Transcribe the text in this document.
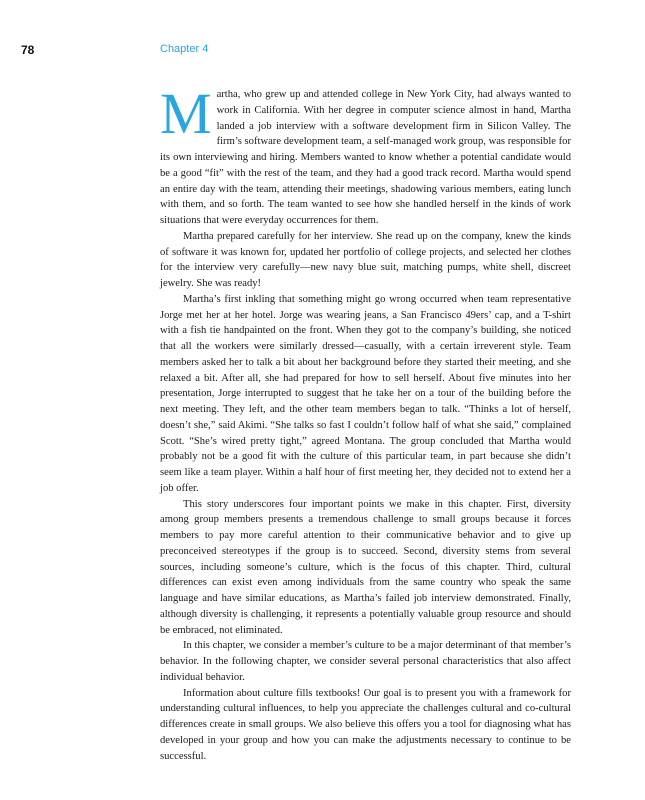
78	Chapter 4

Martha, who grew up and attended college in New York City, had always wanted to work in California. With her degree in computer science almost in hand, Martha landed a job interview with a software development firm in Silicon Valley. The firm’s software development team, a self-managed work group, was responsible for its own interviewing and hiring. Members wanted to know whether a potential candidate would be a good “fit” with the rest of the team, and they had a good track record. Martha would spend an entire day with the team, attending their meetings, shadowing various members, eating lunch with them, and so forth. The team wanted to see how she handled herself in the kinds of work situations that were everyday occurrences for them.

Martha prepared carefully for her interview. She read up on the company, knew the kinds of software it was known for, updated her portfolio of college projects, and selected her clothes for the interview very carefully—new navy blue suit, matching pumps, white shell, discreet jewelry. She was ready!

Martha’s first inkling that something might go wrong occurred when team representative Jorge met her at her hotel. Jorge was wearing jeans, a San Francisco 49ers’ cap, and a T-shirt with a fish tie handpainted on the front. When they got to the company’s building, she noticed that all the workers were similarly dressed—casually, with a certain irreverent style. Team members asked her to talk a bit about her background before they started their meeting, and she relaxed a bit. After all, she had prepared for how to sell herself. About five minutes into her presentation, Jorge interrupted to suggest that he take her on a tour of the building before the next meeting. They left, and the other team members began to talk. “Thinks a lot of herself, doesn’t she,” said Akimi. “She talks so fast I couldn’t follow half of what she said,” complained Scott. “She’s wired pretty tight,” agreed Montana. The group concluded that Martha would probably not be a good fit with the culture of this particular team, in part because she didn’t seem like a team player. Within a half hour of first meeting her, they decided not to extend her a job offer.

This story underscores four important points we make in this chapter. First, diversity among group members presents a tremendous challenge to small groups because it forces members to pay more careful attention to their communicative behavior and to give up preconceived stereotypes if the group is to succeed. Second, diversity stems from several sources, including someone’s culture, which is the focus of this chapter. Third, cultural differences can exist even among individuals from the same country who speak the same language and have similar educations, as Martha’s failed job interview demonstrated. Finally, although diversity is challenging, it represents a potentially valuable group resource and should be embraced, not eliminated.

In this chapter, we consider a member’s culture to be a major determinant of that member’s behavior. In the following chapter, we consider several personal characteristics that also affect individual behavior.

Information about culture fills textbooks! Our goal is to present you with a framework for understanding cultural influences, to help you appreciate the challenges cultural and co-cultural differences create in small groups. We also believe this offers you a tool for diagnosing what has developed in your group and how you can make the adjustments necessary to continue to be successful.
